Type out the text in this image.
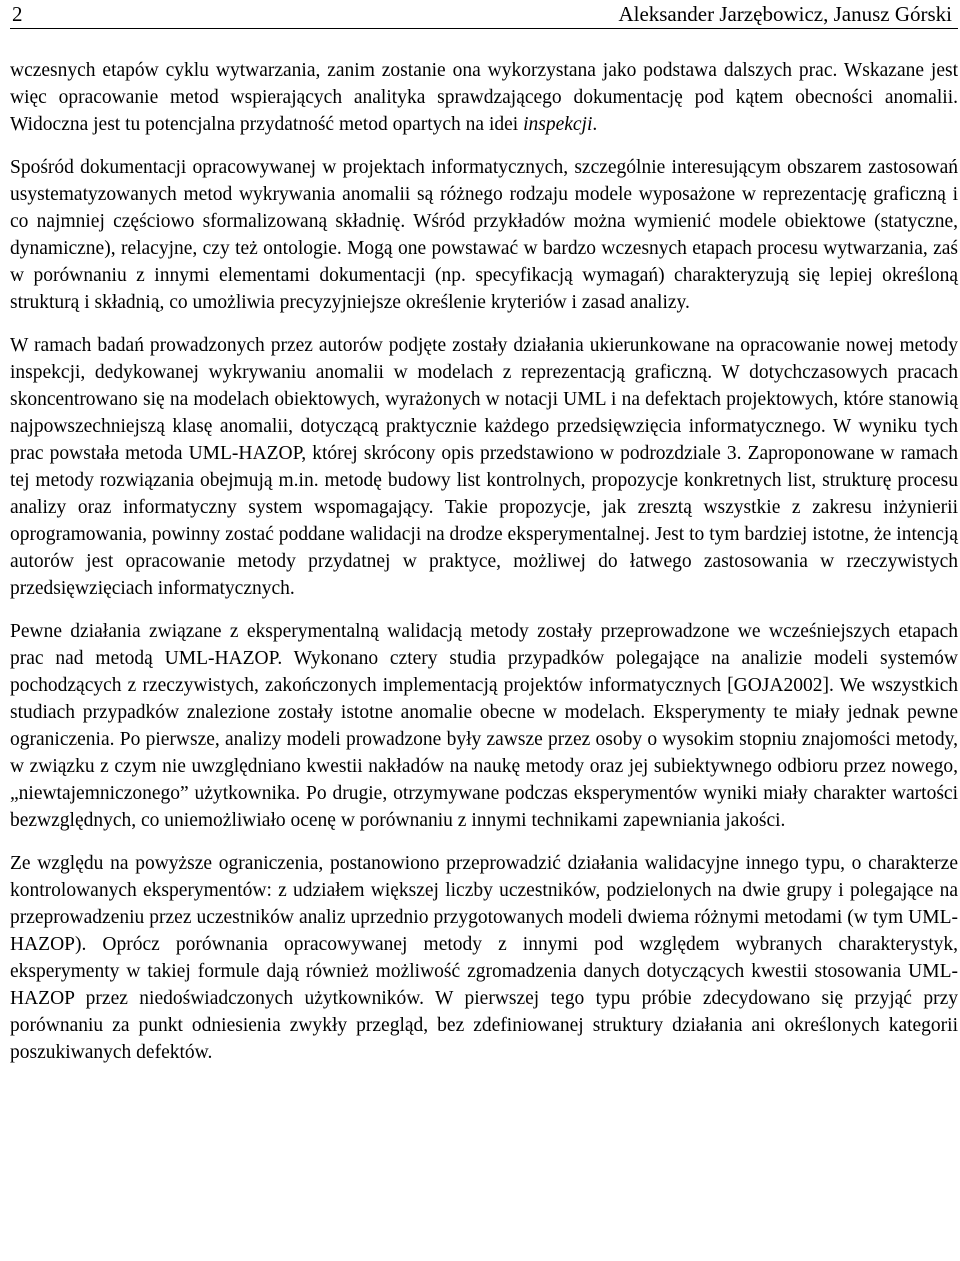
2	Aleksander Jarzębowicz, Janusz Górski

wczesnych etapów cyklu wytwarzania, zanim zostanie ona wykorzystana jako podstawa dalszych prac. Wskazane jest więc opracowanie metod wspierających analityka sprawdzającego dokumentację pod kątem obecności anomalii. Widoczna jest tu potencjalna przydatność metod opartych na idei inspekcji.

Spośród dokumentacji opracowywanej w projektach informatycznych, szczególnie interesującym obszarem zastosowań usystematyzowanych metod wykrywania anomalii są różnego rodzaju modele wyposażone w reprezentację graficzną i co najmniej częściowo sformalizowaną składnię. Wśród przykładów można wymienić modele obiektowe (statyczne, dynamiczne), relacyjne, czy też ontologie. Mogą one powstawać w bardzo wczesnych etapach procesu wytwarzania, zaś w porównaniu z innymi elementami dokumentacji (np. specyfikacją wymagań) charakteryzują się lepiej określoną strukturą i składnią, co umożliwia precyzyjniejsze określenie kryteriów i zasad analizy.

W ramach badań prowadzonych przez autorów podjęte zostały działania ukierunkowane na opracowanie nowej metody inspekcji, dedykowanej wykrywaniu anomalii w modelach z reprezentacją graficzną. W dotychczasowych pracach skoncentrowano się na modelach obiektowych, wyrażonych w notacji UML i na defektach projektowych, które stanowią najpowszechniejszą klasę anomalii, dotyczącą praktycznie każdego przedsięwzięcia informatycznego. W wyniku tych prac powstała metoda UML-HAZOP, której skrócony opis przedstawiono w podrozdziale 3. Zaproponowane w ramach tej metody rozwiązania obejmują m.in. metodę budowy list kontrolnych, propozycje konkretnych list, strukturę procesu analizy oraz informatyczny system wspomagający. Takie propozycje, jak zresztą wszystkie z zakresu inżynierii oprogramowania, powinny zostać poddane walidacji na drodze eksperymentalnej. Jest to tym bardziej istotne, że intencją autorów jest opracowanie metody przydatnej w praktyce, możliwej do łatwego zastosowania w rzeczywistych przedsięwzięciach informatycznych.

Pewne działania związane z eksperymentalną walidacją metody zostały przeprowadzone we wcześniejszych etapach prac nad metodą UML-HAZOP. Wykonano cztery studia przypadków polegające na analizie modeli systemów pochodzących z rzeczywistych, zakończonych implementacją projektów informatycznych [GOJA2002]. We wszystkich studiach przypadków znalezione zostały istotne anomalie obecne w modelach. Eksperymenty te miały jednak pewne ograniczenia. Po pierwsze, analizy modeli prowadzone były zawsze przez osoby o wysokim stopniu znajomości metody, w związku z czym nie uwzględniano kwestii nakładów na naukę metody oraz jej subiektywnego odbioru przez nowego, „niewtajemniczonego” użytkownika. Po drugie, otrzymywane podczas eksperymentów wyniki miały charakter wartości bezwzględnych, co uniemożliwiało ocenę w porównaniu z innymi technikami zapewniania jakości.

Ze względu na powyższe ograniczenia, postanowiono przeprowadzić działania walidacyjne innego typu, o charakterze kontrolowanych eksperymentów: z udziałem większej liczby uczestników, podzielonych na dwie grupy i polegające na przeprowadzeniu przez uczestników analiz uprzednio przygotowanych modeli dwiema różnymi metodami (w tym UML-HAZOP). Oprócz porównania opracowywanej metody z innymi pod względem wybranych charakterystyk, eksperymenty w takiej formule dają również możliwość zgromadzenia danych dotyczących kwestii stosowania UML-HAZOP przez niedoświadczonych użytkowników. W pierwszej tego typu próbie zdecydowano się przyjąć przy porównaniu za punkt odniesienia zwykły przegląd, bez zdefiniowanej struktury działania ani określonych kategorii poszukiwanych defektów.
